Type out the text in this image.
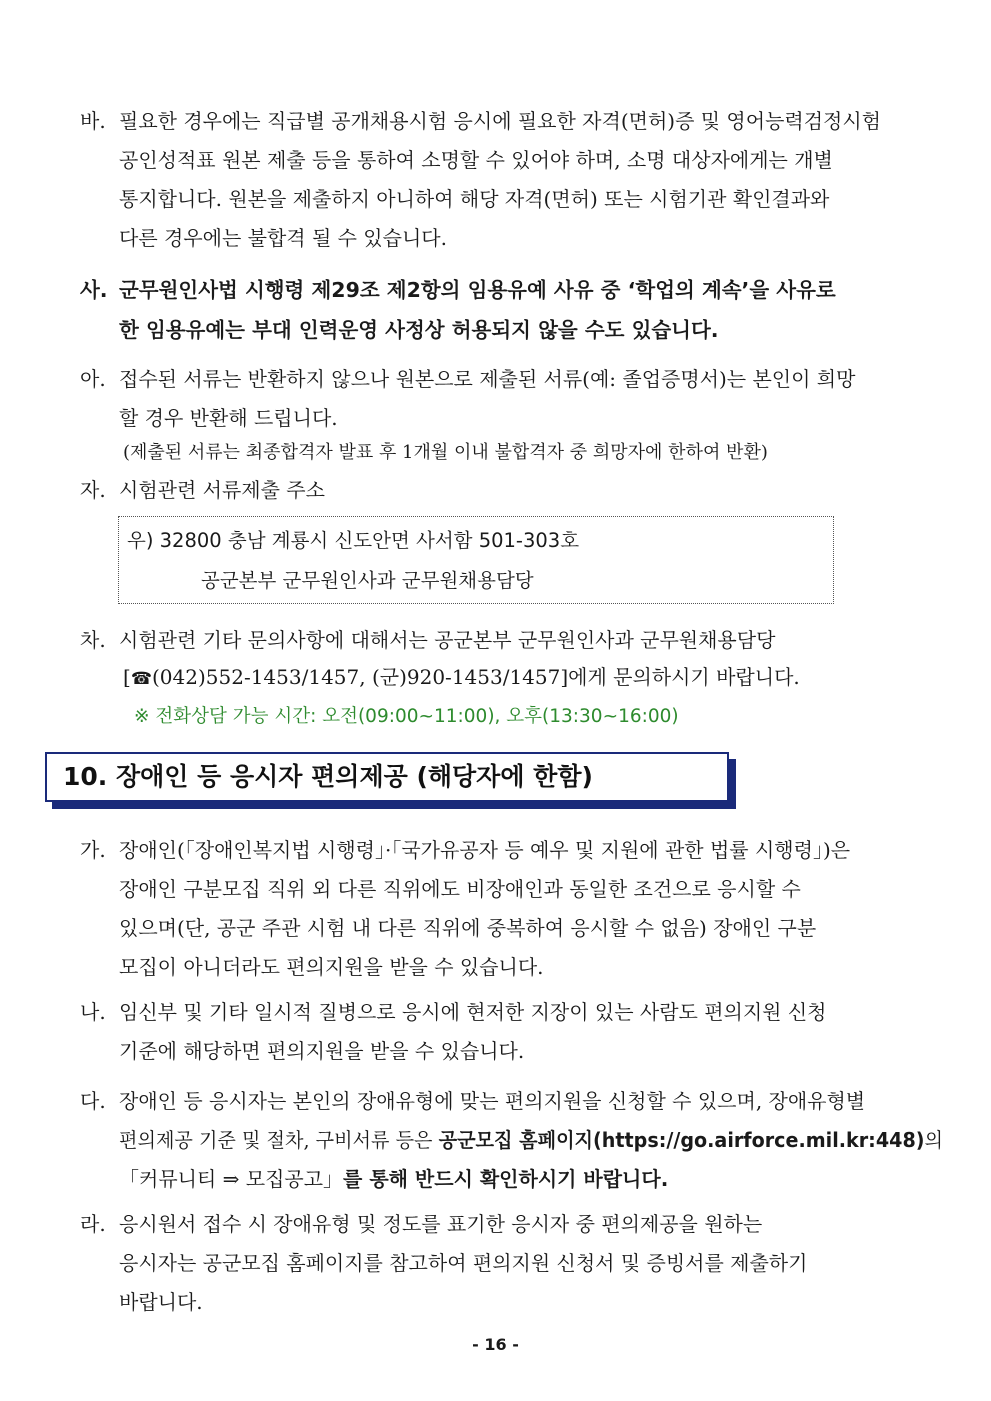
바. 필요한 경우에는 직급별 공개채용시험 응시에 필요한 자격(면허)증 및 영어능력검정시험
공인성적표 원본 제출 등을 통하여 소명할 수 있어야 하며, 소명 대상자에게는 개별
통지합니다. 원본을 제출하지 아니하여 해당 자격(면허) 또는 시험기관 확인결과와
다른 경우에는 불합격 될 수 있습니다.
사. 군무원인사법 시행령 제29조 제2항의 임용유예 사유 중 ‘학업의 계속’을 사유로
한 임용유예는 부대 인력운영 사정상 허용되지 않을 수도 있습니다.
아. 접수된 서류는 반환하지 않으나 원본으로 제출된 서류(예: 졸업증명서)는 본인이 희망
할 경우 반환해 드립니다.
(제출된 서류는 최종합격자 발표 후 1개월 이내 불합격자 중 희망자에 한하여 반환)
자. 시험관련 서류제출 주소
우) 32800 충남 계룡시 신도안면 사서함 501-303호
공군본부 군무원인사과 군무원채용담당
차. 시험관련 기타 문의사항에 대해서는 공군본부 군무원인사과 군무원채용담당
[☎(042)552-1453/1457, (군)920-1453/1457]에게 문의하시기 바랍니다.
※ 전화상담 가능 시간: 오전(09:00~11:00), 오후(13:30~16:00)
10. 장애인 등 응시자 편의제공 (해당자에 한함)
가. 장애인(「장애인복지법 시행령」·「국가유공자 등 예우 및 지원에 관한 법률 시행령」)은
장애인 구분모집 직위 외 다른 직위에도 비장애인과 동일한 조건으로 응시할 수
있으며(단, 공군 주관 시험 내 다른 직위에 중복하여 응시할 수 없음) 장애인 구분
모집이 아니더라도 편의지원을 받을 수 있습니다.
나. 임신부 및 기타 일시적 질병으로 응시에 현저한 지장이 있는 사람도 편의지원 신청
기준에 해당하면 편의지원을 받을 수 있습니다.
다. 장애인 등 응시자는 본인의 장애유형에 맞는 편의지원을 신청할 수 있으며, 장애유형별
편의제공 기준 및 절차, 구비서류 등은 공군모집 홈페이지(https://go.airforce.mil.kr:448)의
「커뮤니티 ⇒ 모집공고」를 통해 반드시 확인하시기 바랍니다.
라. 응시원서 접수 시 장애유형 및 정도를 표기한 응시자 중 편의제공을 원하는
응시자는 공군모집 홈페이지를 참고하여 편의지원 신청서 및 증빙서를 제출하기
바랍니다.
- 16 -
